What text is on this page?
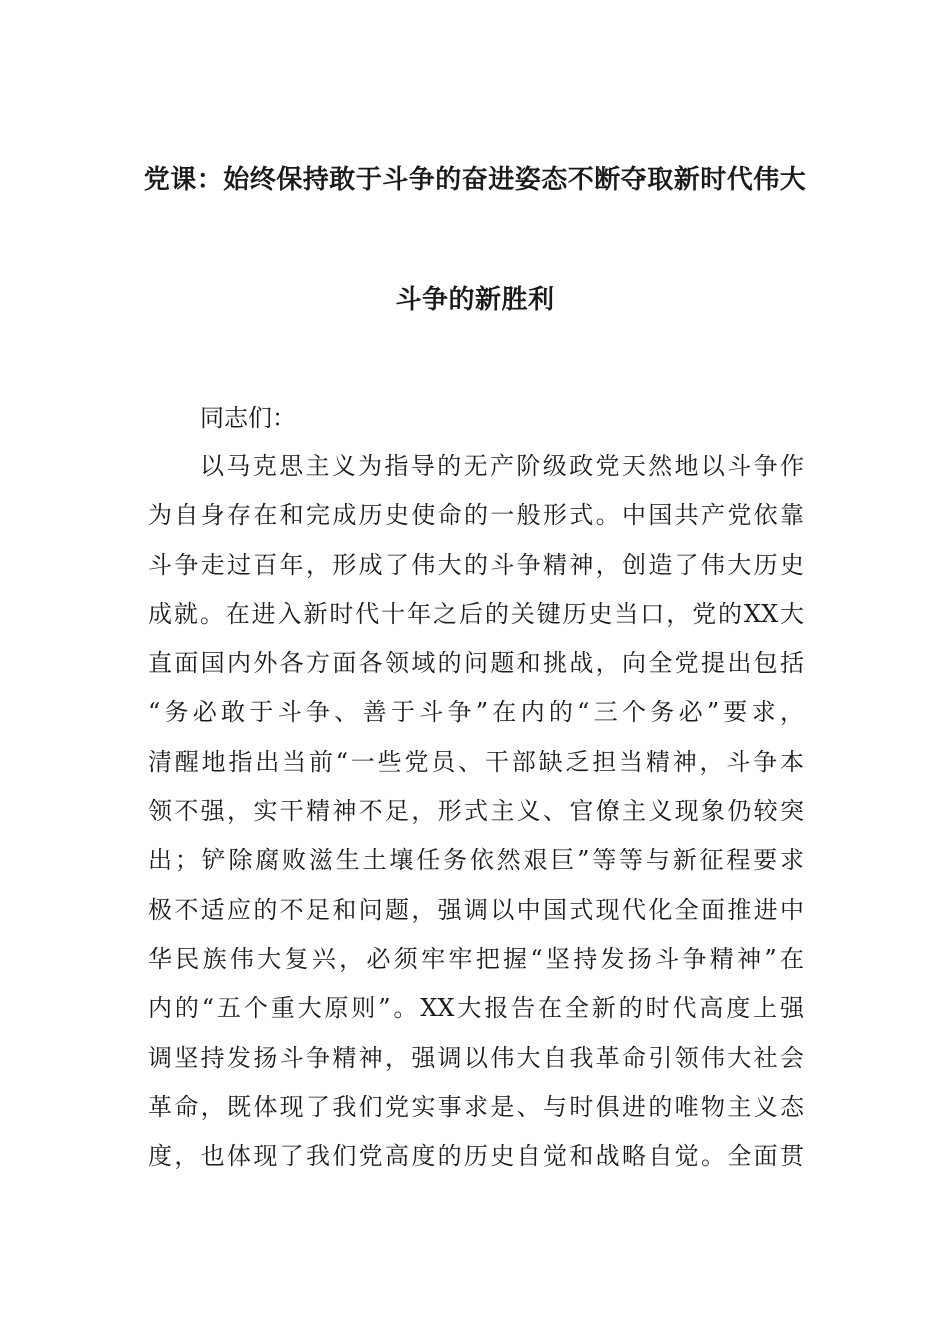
党课：始终保持敢于斗争的奋进姿态不断夺取新时代伟大
斗争的新胜利
同志们：
以马克思主义为指导的无产阶级政党天然地以斗争作
为自身存在和完成历史使命的一般形式。中国共产党依靠
斗争走过百年，形成了伟大的斗争精神，创造了伟大历史
成就。在进入新时代十年之后的关键历史当口，党的XX大
直面国内外各方面各领域的问题和挑战，向全党提出包括
“务必敢于斗争、善于斗争”在内的“三个务必”要求，
清醒地指出当前“一些党员、干部缺乏担当精神，斗争本
领不强，实干精神不足，形式主义、官僚主义现象仍较突
出；铲除腐败滋生土壤任务依然艰巨”等等与新征程要求
极不适应的不足和问题，强调以中国式现代化全面推进中
华民族伟大复兴，必须牢牢把握“坚持发扬斗争精神”在
内的“五个重大原则”。XX大报告在全新的时代高度上强
调坚持发扬斗争精神，强调以伟大自我革命引领伟大社会
革命，既体现了我们党实事求是、与时俱进的唯物主义态
度，也体现了我们党高度的历史自觉和战略自觉。全面贯
